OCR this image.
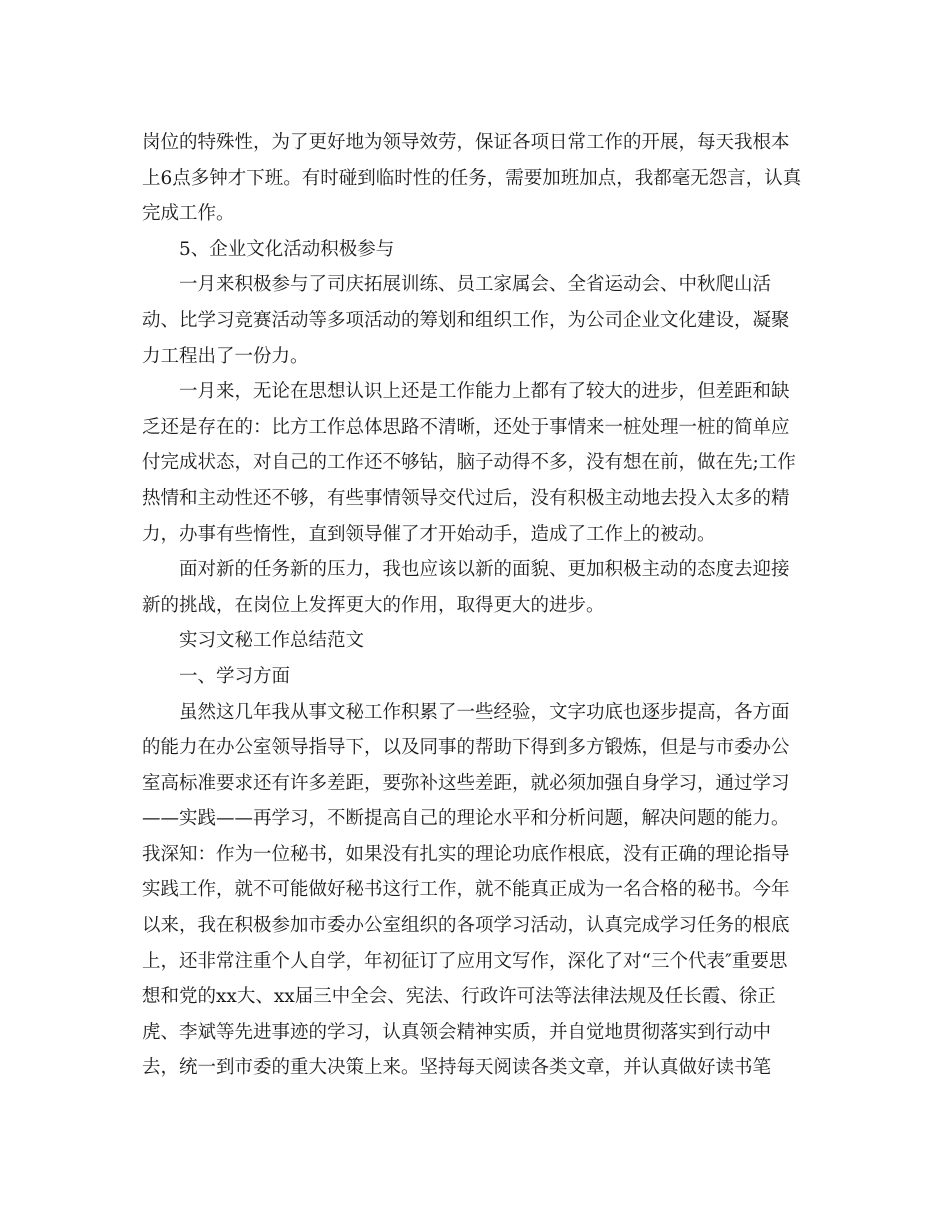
岗位的特殊性，为了更好地为领导效劳，保证各项日常工作的开展，每天我根本
上6点多钟才下班。有时碰到临时性的任务，需要加班加点，我都毫无怨言，认真
完成工作。
5、企业文化活动积极参与
一月来积极参与了司庆拓展训练、员工家属会、全省运动会、中秋爬山活
动、比学习竞赛活动等多项活动的筹划和组织工作，为公司企业文化建设，凝聚
力工程出了一份力。
一月来，无论在思想认识上还是工作能力上都有了较大的进步，但差距和缺
乏还是存在的：比方工作总体思路不清晰，还处于事情来一桩处理一桩的简单应
付完成状态，对自己的工作还不够钻，脑子动得不多，没有想在前，做在先;工作
热情和主动性还不够，有些事情领导交代过后，没有积极主动地去投入太多的精
力，办事有些惰性，直到领导催了才开始动手，造成了工作上的被动。
面对新的任务新的压力，我也应该以新的面貌、更加积极主动的态度去迎接
新的挑战，在岗位上发挥更大的作用，取得更大的进步。
实习文秘工作总结范文
一、学习方面
虽然这几年我从事文秘工作积累了一些经验，文字功底也逐步提高，各方面
的能力在办公室领导指导下，以及同事的帮助下得到多方锻炼，但是与市委办公
室高标准要求还有许多差距，要弥补这些差距，就必须加强自身学习，通过学习
——实践——再学习，不断提高自己的理论水平和分析问题，解决问题的能力。
我深知：作为一位秘书，如果没有扎实的理论功底作根底，没有正确的理论指导
实践工作，就不可能做好秘书这行工作，就不能真正成为一名合格的秘书。今年
以来，我在积极参加市委办公室组织的各项学习活动，认真完成学习任务的根底
上，还非常注重个人自学，年初征订了应用文写作，深化了对“三个代表″重要思
想和党的xx大、xx届三中全会、宪法、行政许可法等法律法规及任长霞、徐正
虎、李斌等先进事迹的学习，认真领会精神实质，并自觉地贯彻落实到行动中
去，统一到市委的重大决策上来。坚持每天阅读各类文章，并认真做好读书笔
